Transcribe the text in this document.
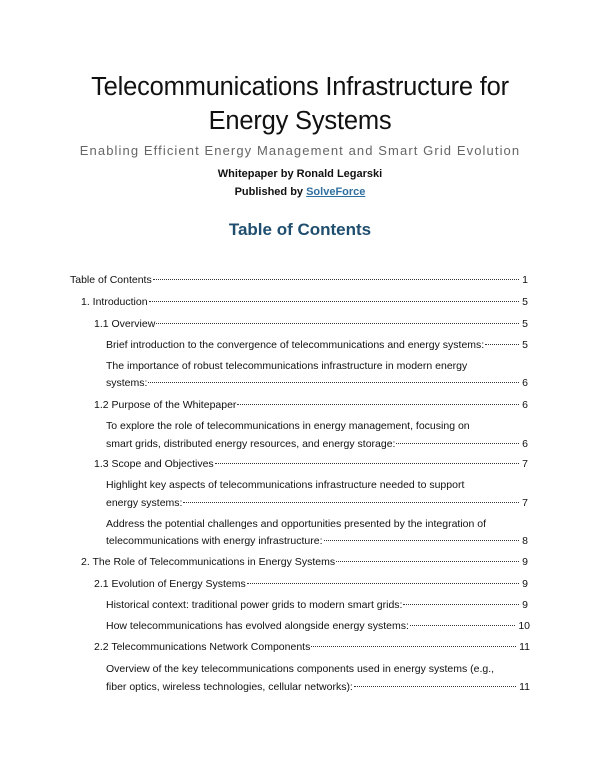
Telecommunications Infrastructure for
Energy Systems
Enabling Efficient Energy Management and Smart Grid Evolution
Whitepaper by Ronald Legarski
Published by SolveForce
Table of Contents
Table of Contents	1
1. Introduction	5
1.1 Overview	5
Brief introduction to the convergence of telecommunications and energy systems:	5
The importance of robust telecommunications infrastructure in modern energy
systems:	6
1.2 Purpose of the Whitepaper	6
To explore the role of telecommunications in energy management, focusing on
smart grids, distributed energy resources, and energy storage:	6
1.3 Scope and Objectives	7
Highlight key aspects of telecommunications infrastructure needed to support
energy systems:	7
Address the potential challenges and opportunities presented by the integration of
telecommunications with energy infrastructure:	8
2. The Role of Telecommunications in Energy Systems	9
2.1 Evolution of Energy Systems	9
Historical context: traditional power grids to modern smart grids:	9
How telecommunications has evolved alongside energy systems:	10
2.2 Telecommunications Network Components	11
Overview of the key telecommunications components used in energy systems (e.g.,
fiber optics, wireless technologies, cellular networks):	11
